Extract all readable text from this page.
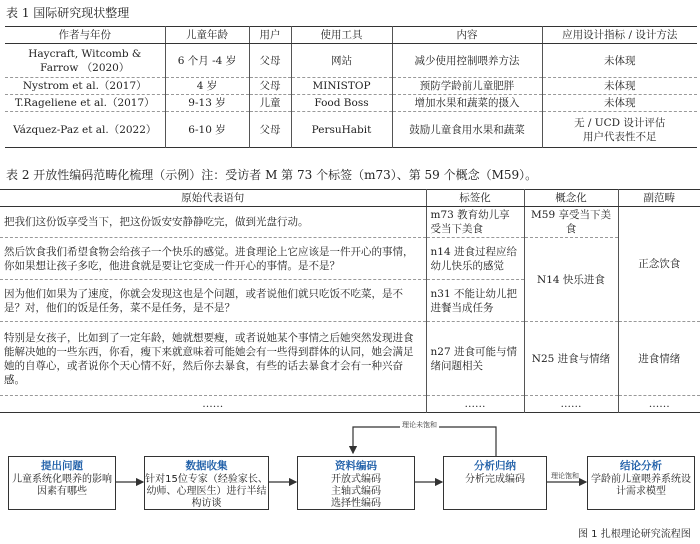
表 1 国际研究现状整理
作者与年份	儿童年龄	用户	使用工具	内容	应用设计指标 / 设计方法

Haycraft, Witcomb &
Farrow （2020）	6 个月 -4 岁	父母	网站	减少使用控制喂养方法	未体现
Nystrom et al.（2017）	4 岁	父母	MINISTOP	预防学龄前儿童肥胖	未体现
T.Rageliene et al.（2017）	9-13 岁	儿童	Food Boss	增加水果和蔬菜的摄入	未体现
Vázquez-Paz et al.（2022）	6-10 岁	父母	PersuHabit	鼓励儿童食用水果和蔬菜	无 / UCD 设计评估
用户代表性不足
表 2 开放性编码范畴化梳理（示例）注：受访者 M 第 73 个标签（m73）、第 59 个概念（M59）。
原始代表语句	标签化	概念化	副范畴
把我们这份饭享受当下，把这份饭安安静静吃完，做到光盘行动。	m73 教育幼儿享受当下美食	M59 享受当下美食	正念饮食
然后饮食我们希望食物会给孩子一个快乐的感觉。进食理论上它应该是一件开心的事情，你如果想让孩子多吃，他进食就是要让它变成一件开心的事情。是不是？	n14 进食过程应给幼儿快乐的感觉	N14 快乐进食	
因为他们如果为了速度，你就会发现这也是个问题，或者说他们就只吃饭不吃菜，是不是？对，他们的饭是任务，菜不是任务，是不是？	n31 不能让幼儿把进餐当成任务		
特别是女孩子，比如到了一定年龄，她就想要瘦，或者说她某个事情之后她突然发现进食能解决她的一些东西，你看，瘦下来就意味着可能她会有一些得到群体的认同，她会满足她的自尊心，或者说你个天心情不好，然后你去暴食，有些的话去暴食才会有一种兴奋感。	n27 进食可能与情绪问题相关	N25 进食与情绪	进食情绪
……	……	……	……
理论未饱和
理论饱和
提出问题
儿童系统化喂养的影响因素有哪些
数据收集
针对15位专家（经验家长、幼师、心理医生）进行半结构访谈
资料编码
开放式编码 主轴式编码 选择性编码
分析归纳
分析完成编码
结论分析
学龄前儿童喂养系统设计需求模型
图 1 扎根理论研究流程图
